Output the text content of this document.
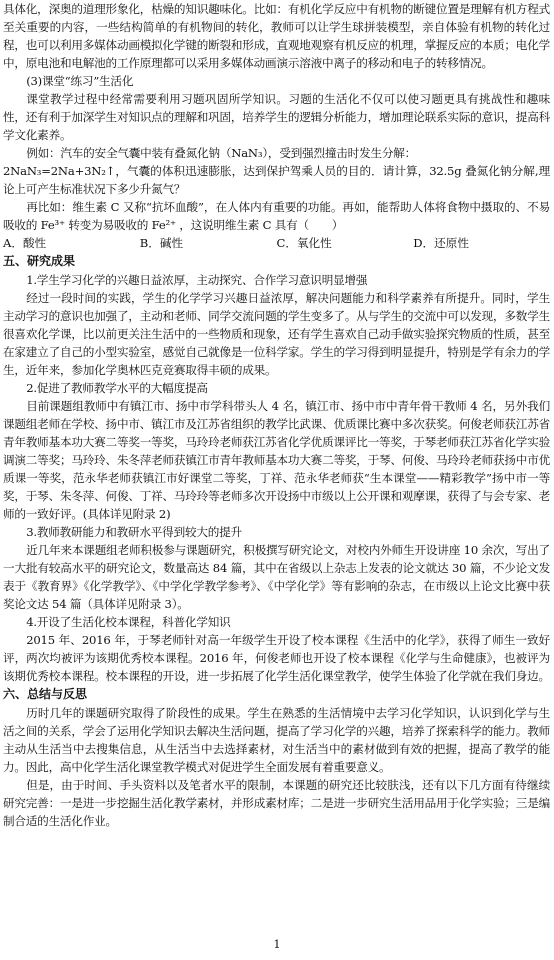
具体化，深奥的道理形象化，枯燥的知识趣味化。比如：有机化学反应中有机物的断键位置是理解有机方程式至关重要的内容，一些结构简单的有机物间的转化，教师可以让学生球拼装模型，亲自体验有机物的转化过程，也可以利用多媒体动画模拟化学键的断裂和形成，直观地观察有机反应的机理，掌握反应的本质；电化学中，原电池和电解池的工作原理都可以采用多媒体动画演示溶液中离子的移动和电子的转移情况。

(3)课堂“练习”生活化

课堂教学过程中经常需要利用习题巩固所学知识。习题的生活化不仅可以使习题更具有挑战性和趣味性，还有利于加深学生对知识点的理解和巩固，培养学生的逻辑分析能力，增加理论联系实际的意识，提高科学文化素养。

例如：汽车的安全气囊中装有叠氮化钠（NaN₃），受到强烈撞击时发生分解：

2NaN₃=2Na+3N₂↑，气囊的体积迅速膨胀，达到保护驾乘人员的目的．请计算，32.5g 叠氮化钠分解,理论上可产生标准状况下多少升氮气？

再比如：维生素 C 又称“抗坏血酸”，在人体内有重要的功能。再如，能帮助人体将食物中摄取的、不易吸收的 Fe³⁺ 转变为易吸收的 Fe²⁺ ，这说明维生素 C 具有（　　）

A．酸性	B．碱性	C．氧化性	D．还原性
五、研究成果

1.学生学习化学的兴趣日益浓厚，主动探究、合作学习意识明显增强

经过一段时间的实践，学生的化学学习兴趣日益浓厚，解决问题能力和科学素养有所提升。同时，学生主动学习的意识也加强了，主动和老师、同学交流问题的学生变多了。从与学生的交流中可以发现，多数学生很喜欢化学课，比以前更关注生活中的一些物质和现象，还有学生喜欢自己动手做实验探究物质的性质，甚至在家建立了自己的小型实验室，感觉自己就像是一位科学家。学生的学习得到明显提升，特别是学有余力的学生，近年来，参加化学奥林匹克竞赛取得丰硕的成果。

2.促进了教师教学水平的大幅度提高

目前课题组教师中有镇江市、扬中市学科带头人 4 名，镇江市、扬中市中青年骨干教师 4 名，另外我们课题组老师在学校、扬中市、镇江市及江苏省组织的教学比武课、优质课比赛中多次获奖。何俊老师获江苏省青年教师基本功大赛二等奖一等奖，马玲玲老师获江苏省化学优质课评比一等奖，于琴老师获江苏省化学实验调演二等奖；马玲玲、朱冬萍老师获镇江市青年教师基本功大赛二等奖，于琴、何俊、马玲玲老师获扬中市优质课一等奖，范永华老师获镇江市好课堂二等奖，丁祥、范永华老师获“生本课堂——精彩教学”扬中市一等奖，于琴、朱冬萍、何俊、丁祥、马玲玲等老师多次开设扬中市级以上公开课和观摩课，获得了与会专家、老师的一致好评。(具体详见附录 2)

3.教师教研能力和教研水平得到较大的提升

近几年来本课题组老师积极参与课题研究，积极撰写研究论文，对校内外师生开设讲座 10 余次，写出了一大批有较高水平的研究论文，数量高达 84 篇，其中在省级以上杂志上发表的论文就达 30 篇，不少论文发表于《教育界》《化学教学》、《中学化学教学参考》、《中学化学》等有影响的杂志，在市级以上论文比赛中获奖论文达 54 篇（具体详见附录 3）。

4.开设了生活化校本课程，科普化学知识

2015 年、2016 年，于琴老师针对高一年级学生开设了校本课程《生活中的化学》，获得了师生一致好评，两次均被评为该期优秀校本课程。2016 年，何俊老师也开设了校本课程《化学与生命健康》，也被评为该期优秀校本课程。校本课程的开设，进一步拓展了化学生活化课堂教学，使学生体验了化学就在我们身边。

六、总结与反思

历时几年的课题研究取得了阶段性的成果。学生在熟悉的生活情境中去学习化学知识，认识到化学与生活之间的关系，学会了运用化学知识去解决生活问题，提高了学习化学的兴趣，培养了探索科学的能力。教师主动从生活当中去搜集信息，从生活当中去选择素材，对生活当中的素材做到有效的把握，提高了教学的能力。因此，高中化学生活化课堂教学模式对促进学生全面发展有着重要意义。

但是，由于时间、手头资料以及笔者水平的限制，本课题的研究还比较肤浅，还有以下几方面有待继续研究完善：一是进一步挖掘生活化教学素材，并形成素材库；二是进一步研究生活用品用于化学实验；三是编制合适的生活化作业。

1
